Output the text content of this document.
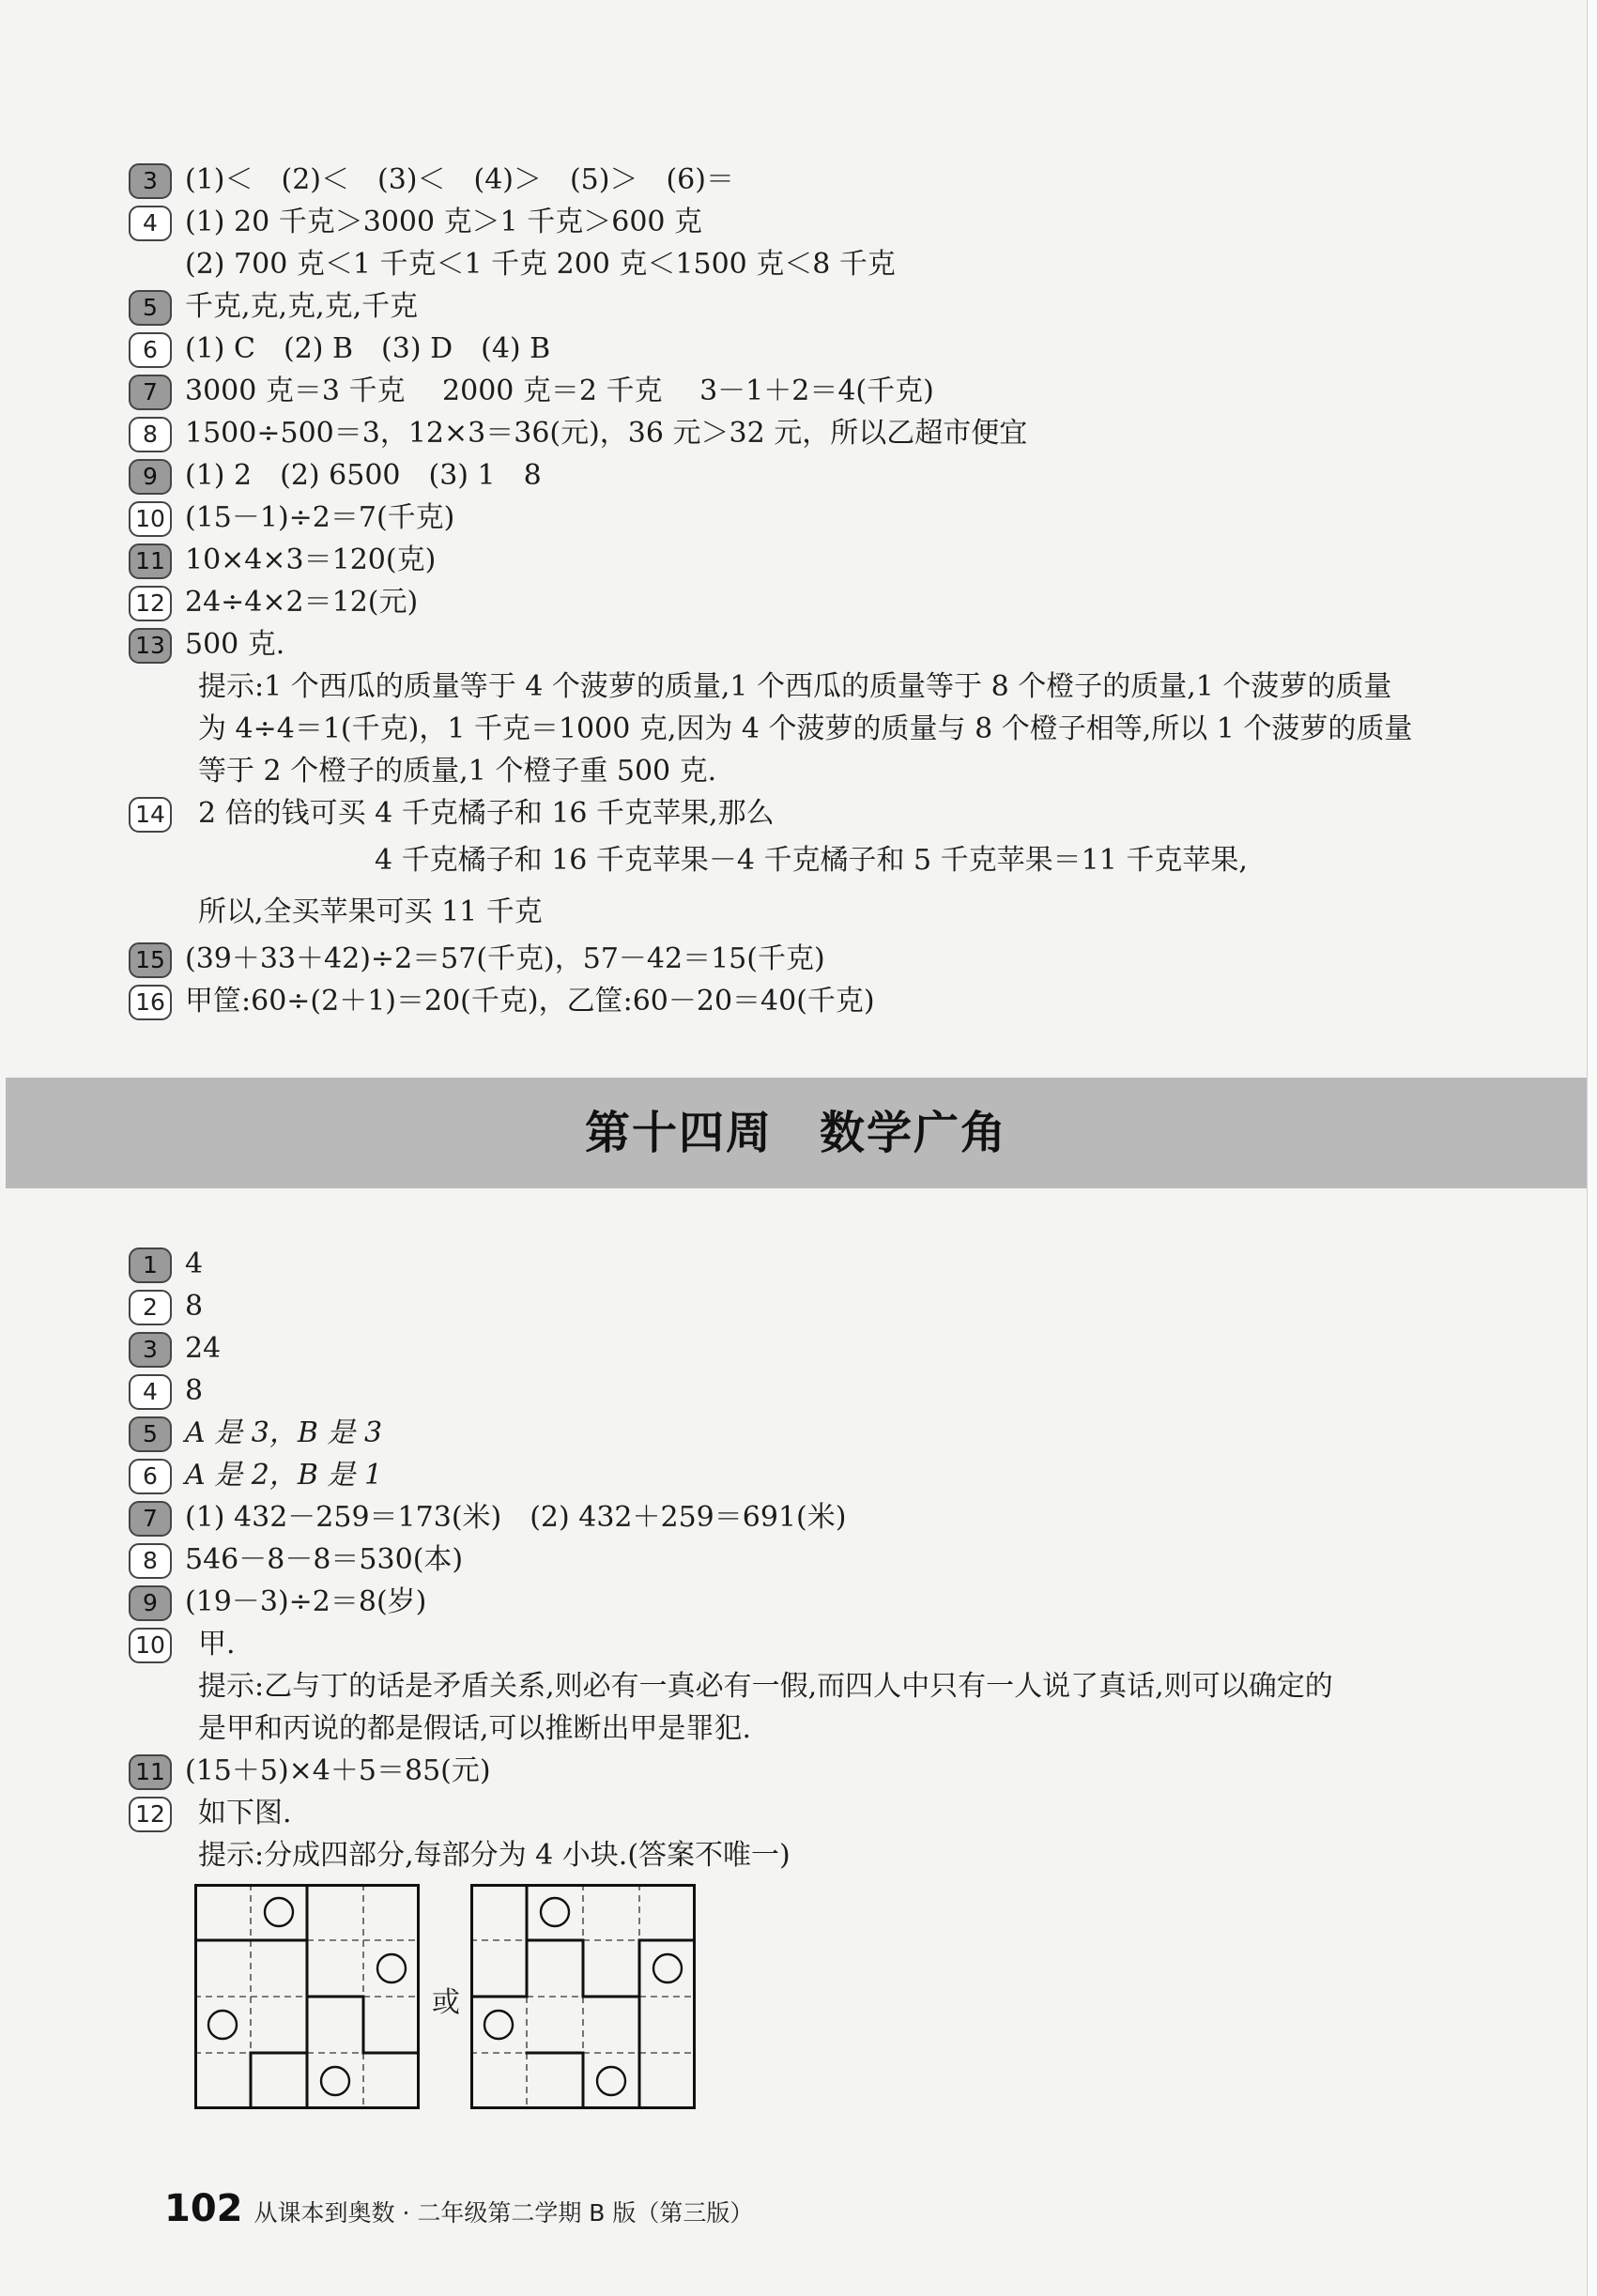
3 (1)＜　(2)＜　(3)＜　(4)＞　(5)＞　(6)＝
4 (1) 20 千克＞3000 克＞1 千克＞600 克
(2) 700 克＜1 千克＜1 千克 200 克＜1500 克＜8 千克
5 千克,克,克,克,千克
6 (1) C　(2) B　(3) D　(4) B
7 3000 克＝3 千克　 2000 克＝2 千克　 3－1＋2＝4(千克)
8 1500÷500＝3，12×3＝36(元)，36 元＞32 元，所以乙超市便宜
9 (1) 2　(2) 6500　(3) 1　8
10 (15－1)÷2＝7(千克)
11 10×4×3＝120(克)
12 24÷4×2＝12(元)
13 500 克.
提示:1 个西瓜的质量等于 4 个菠萝的质量,1 个西瓜的质量等于 8 个橙子的质量,1 个菠萝的质量
为 4÷4＝1(千克)，1 千克＝1000 克,因为 4 个菠萝的质量与 8 个橙子相等,所以 1 个菠萝的质量
等于 2 个橙子的质量,1 个橙子重 500 克.
14 2 倍的钱可买 4 千克橘子和 16 千克苹果,那么
4 千克橘子和 16 千克苹果－4 千克橘子和 5 千克苹果＝11 千克苹果,
所以,全买苹果可买 11 千克
15 (39＋33＋42)÷2＝57(千克)，57－42＝15(千克)
16 甲筐:60÷(2＋1)＝20(千克)，乙筐:60－20＝40(千克)
第十四周 数学广角
1 4
2 8
3 24
4 8
5 A 是 3，B 是 3
6 A 是 2，B 是 1
7 (1) 432－259＝173(米)　(2) 432＋259＝691(米)
8 546－8－8＝530(本)
9 (19－3)÷2＝8(岁)
10 甲.
提示:乙与丁的话是矛盾关系,则必有一真必有一假,而四人中只有一人说了真话,则可以确定的
是甲和丙说的都是假话,可以推断出甲是罪犯.
11 (15＋5)×4＋5＝85(元)
12 如下图.
提示:分成四部分,每部分为 4 小块.(答案不唯一)
或
102 从课本到奥数 · 二年级第二学期 B 版（第三版）
